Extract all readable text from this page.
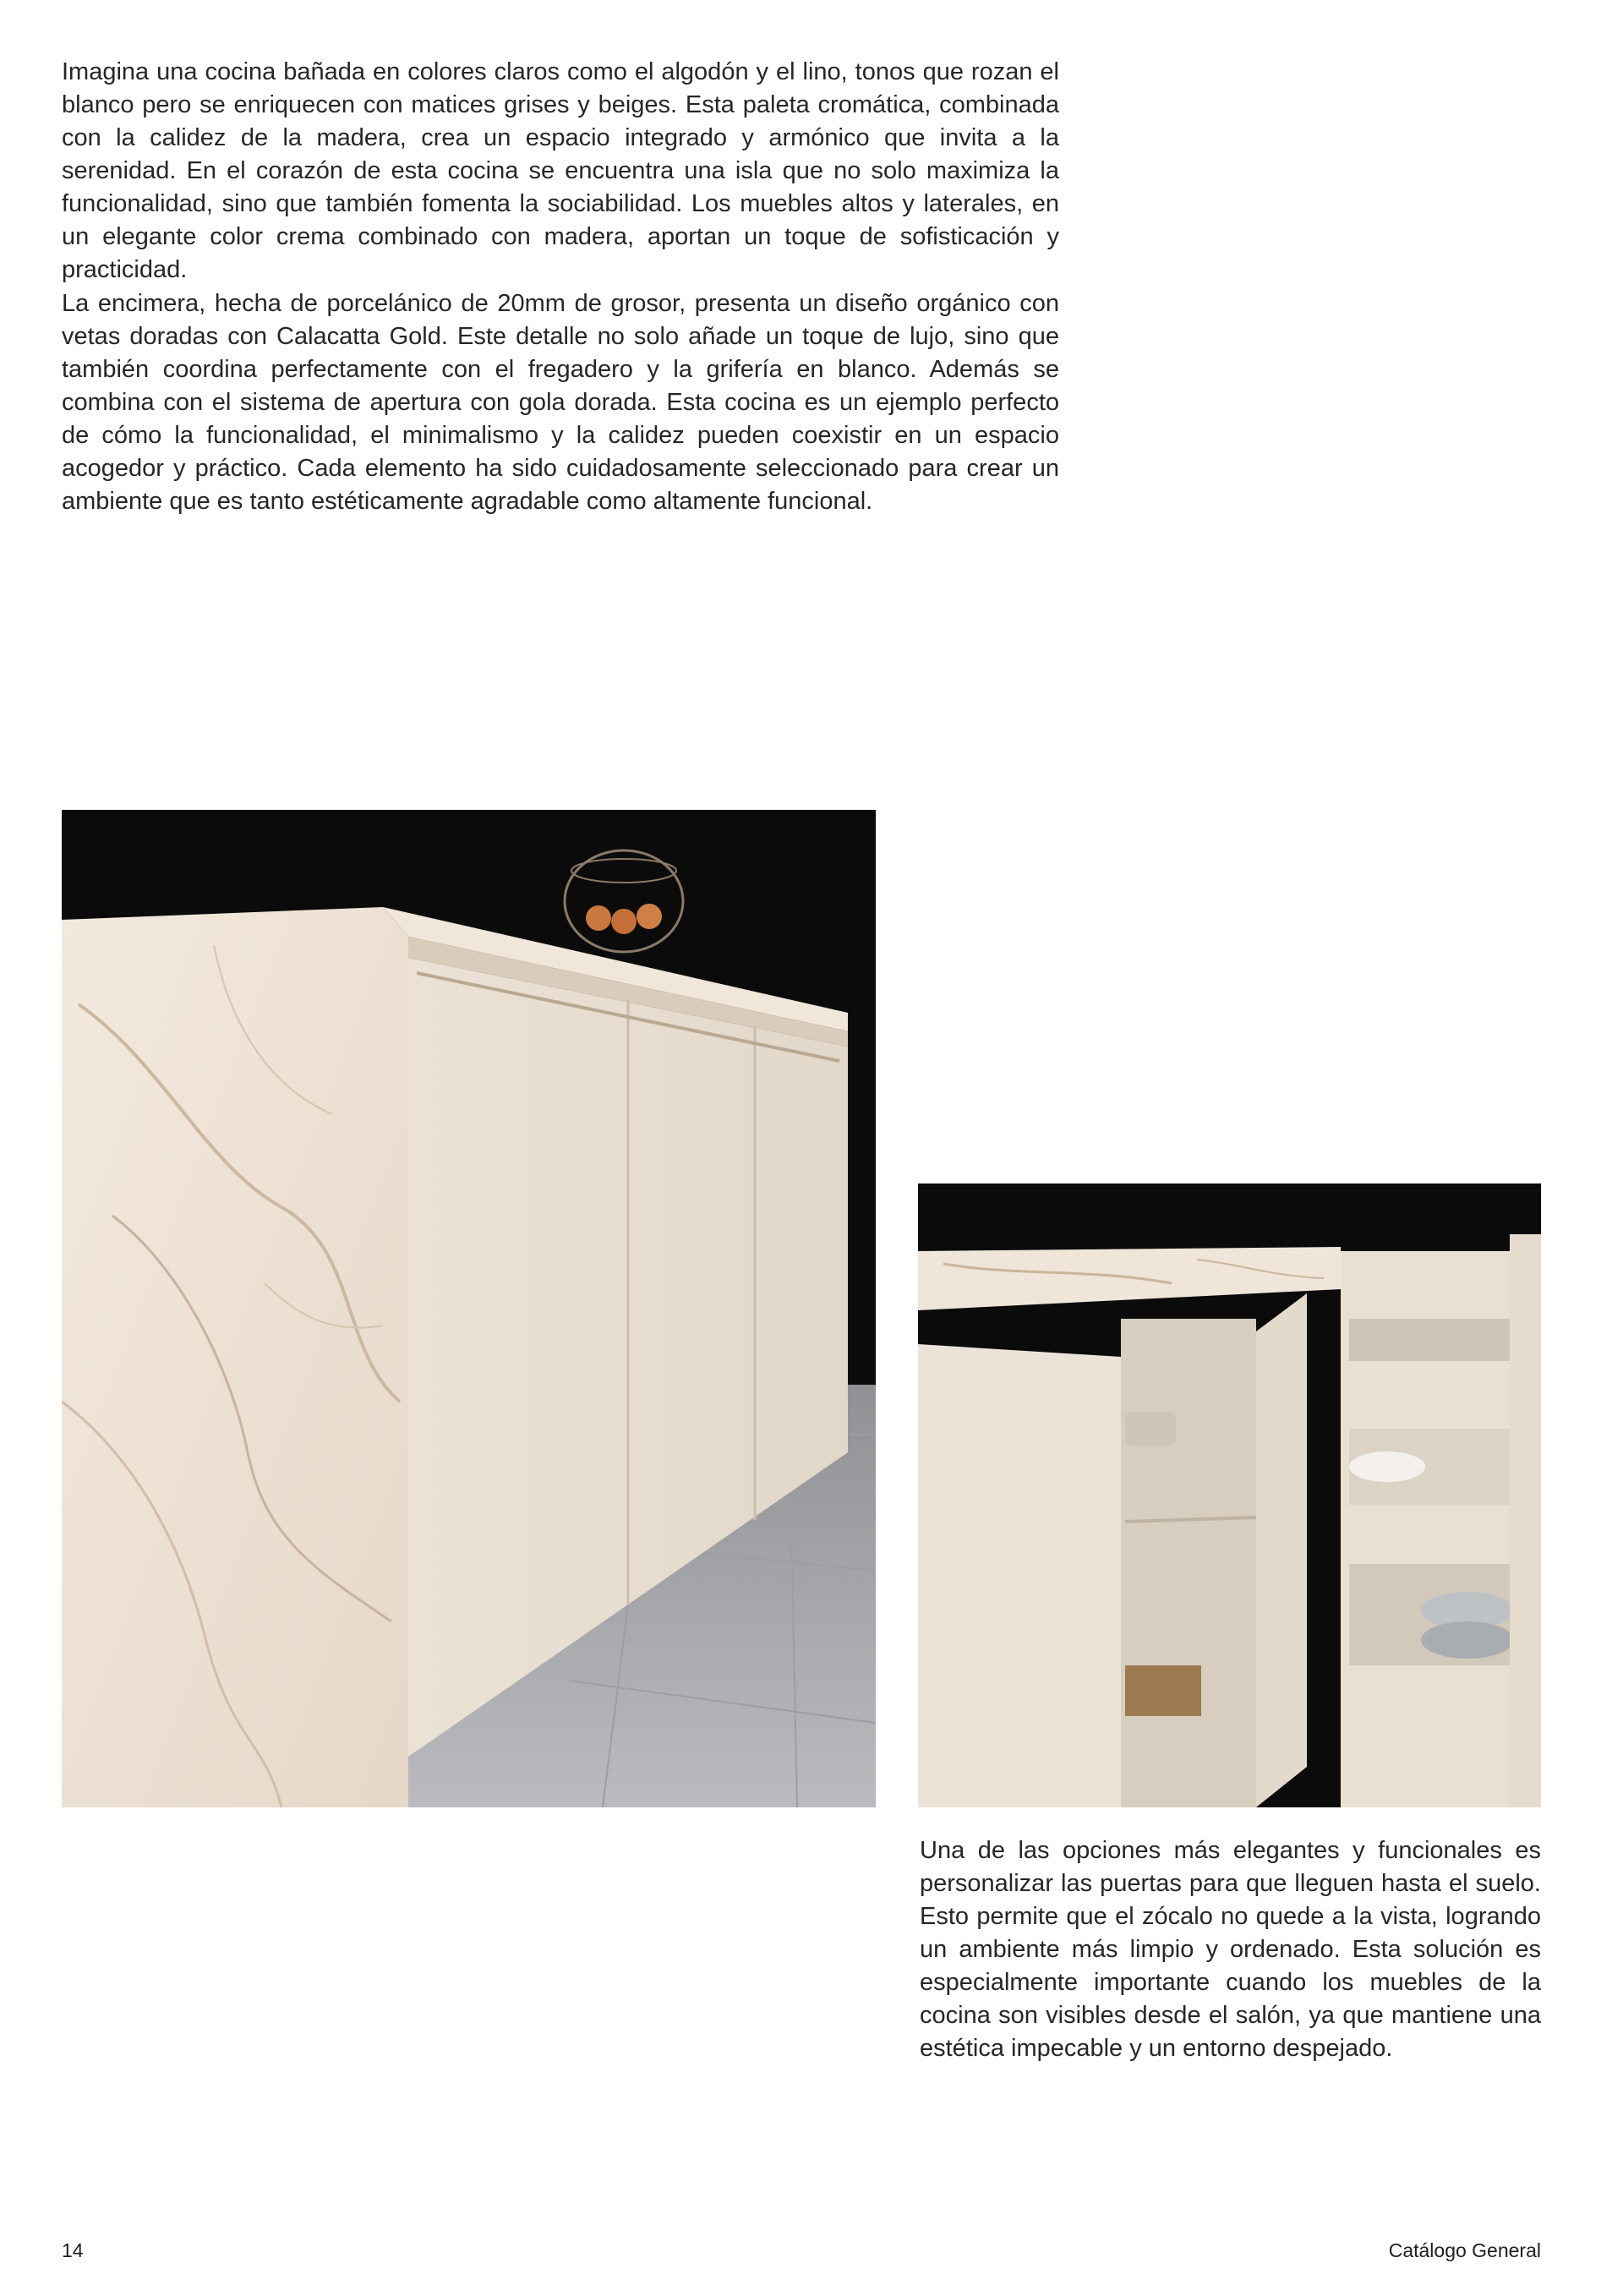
Imagina una cocina bañada en colores claros como el algodón y el lino, tonos que rozan el blanco pero se enriquecen con matices grises y beiges. Esta paleta cromática, combinada con la calidez de la madera, crea un espacio integrado y armónico que invita a la serenidad. En el corazón de esta cocina se encuentra una isla que no solo maximiza la funcionalidad, sino que también fomenta la sociabilidad. Los muebles altos y laterales, en un elegante color crema combinado con madera, aportan un toque de sofisticación y practicidad.

La encimera, hecha de porcelánico de 20mm de grosor, presenta un diseño orgánico con vetas doradas con Calacatta Gold. Este detalle no solo añade un toque de lujo, sino que también coordina perfectamente con el fregadero y la grifería en blanco. Además se combina con el sistema de apertura con gola dorada. Esta cocina es un ejemplo perfecto de cómo la funcionalidad, el minimalismo y la calidez pueden coexistir en un espacio acogedor y práctico. Cada elemento ha sido cuidadosamente seleccionado para crear un ambiente que es tanto estéticamente agradable como altamente funcional.

Una de las opciones más elegantes y funcionales es personalizar las puertas para que lleguen hasta el suelo. Esto permite que el zócalo no quede a la vista, logrando un ambiente más limpio y ordenado. Esta solución es especialmente importante cuando los muebles de la cocina son visibles desde el salón, ya que mantiene una estética impecable y un entorno despejado.

14	Catálogo General
